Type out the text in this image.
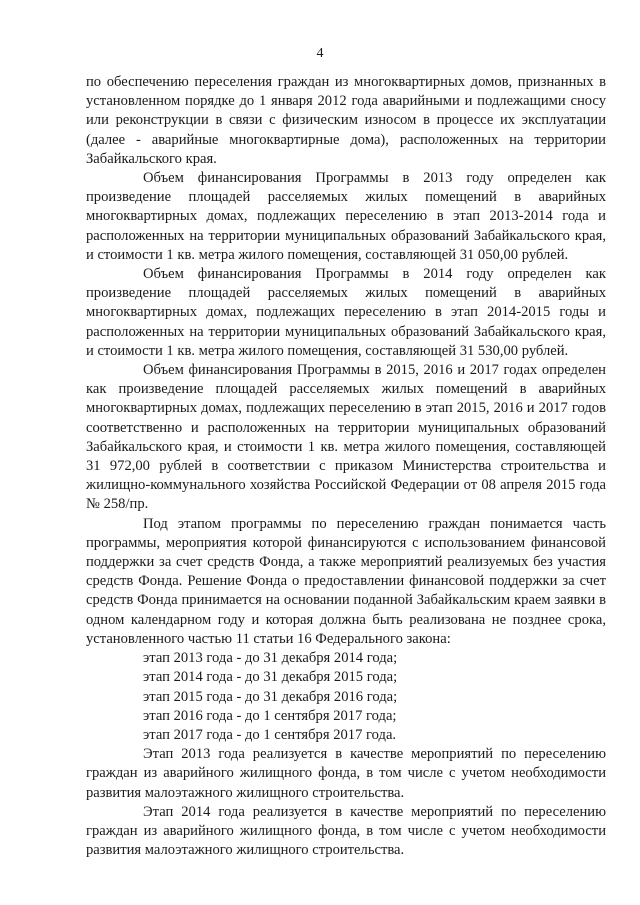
4

по обеспечению переселения граждан из многоквартирных домов, признанных в установленном порядке до 1 января 2012 года аварийными и подлежащими сносу или реконструкции в связи с физическим износом в процессе их эксплуатации (далее - аварийные многоквартирные дома), расположенных на территории Забайкальского края.

Объем финансирования Программы в 2013 году определен как произведение площадей расселяемых жилых помещений в аварийных многоквартирных домах, подлежащих переселению в этап 2013-2014 года и расположенных на территории муниципальных образований Забайкальского края, и стоимости 1 кв. метра жилого помещения, составляющей 31 050,00 рублей.

Объем финансирования Программы в 2014 году определен как произведение площадей расселяемых жилых помещений в аварийных многоквартирных домах, подлежащих переселению в этап 2014-2015 годы и расположенных на территории муниципальных образований Забайкальского края, и стоимости 1 кв. метра жилого помещения, составляющей 31 530,00 рублей.

Объем финансирования Программы в 2015, 2016 и 2017 годах определен как произведение площадей расселяемых жилых помещений в аварийных многоквартирных домах, подлежащих переселению в этап 2015, 2016 и 2017 годов соответственно и расположенных на территории муниципальных образований Забайкальского края, и стоимости 1 кв. метра жилого помещения, составляющей 31 972,00 рублей в соответствии с приказом Министерства строительства и жилищно-коммунального хозяйства Российской Федерации от 08 апреля 2015 года № 258/пр.

Под этапом программы по переселению граждан понимается часть программы, мероприятия которой финансируются с использованием финансовой поддержки за счет средств Фонда, а также мероприятий реализуемых без участия средств Фонда. Решение Фонда о предоставлении финансовой поддержки за счет средств Фонда принимается на основании поданной Забайкальским краем заявки в одном календарном году и которая должна быть реализована не позднее срока, установленного частью 11 статьи 16 Федерального закона:

этап 2013 года - до 31 декабря 2014 года;

этап 2014 года - до 31 декабря 2015 года;

этап 2015 года - до 31 декабря 2016 года;

этап 2016 года - до 1 сентября 2017 года;

этап 2017 года - до 1 сентября 2017 года.

Этап 2013 года реализуется в качестве мероприятий по переселению граждан из аварийного жилищного фонда, в том числе с учетом необходимости развития малоэтажного жилищного строительства.

Этап 2014 года реализуется в качестве мероприятий по переселению граждан из аварийного жилищного фонда, в том числе с учетом необходимости развития малоэтажного жилищного строительства.
